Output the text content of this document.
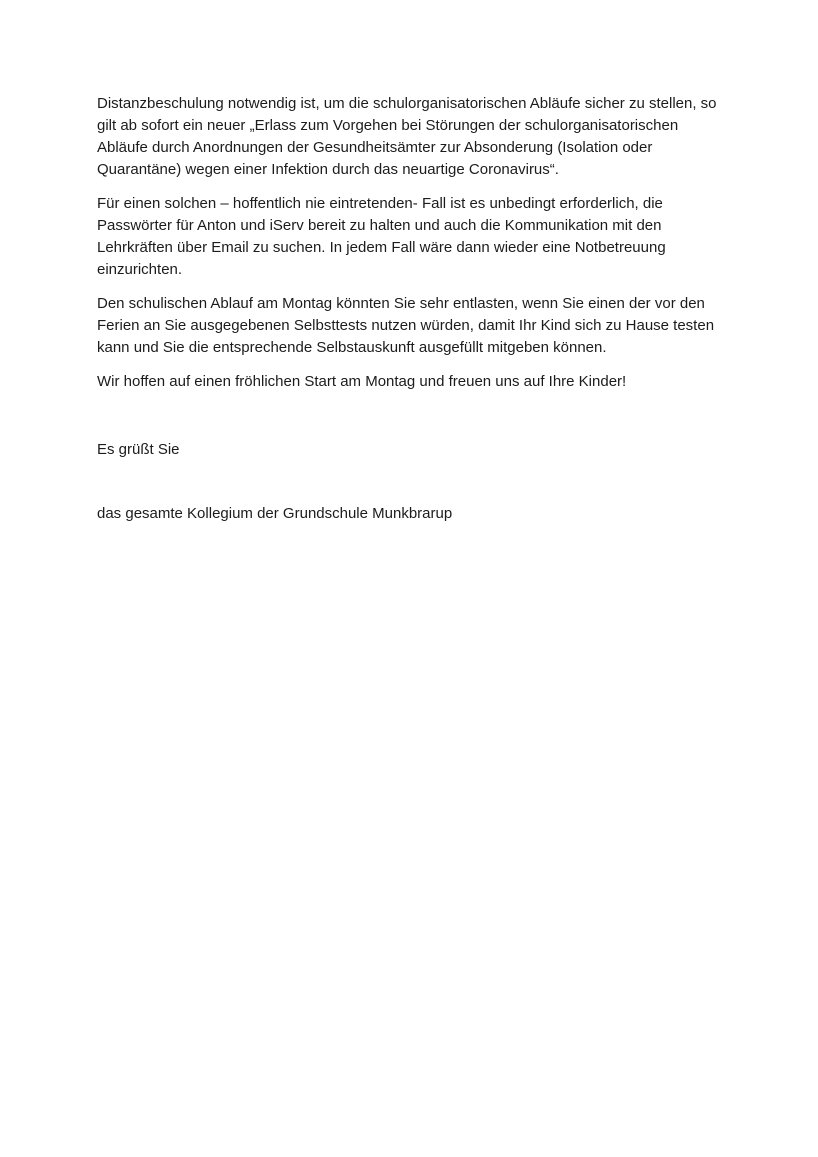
Distanzbeschulung notwendig ist, um die schulorganisatorischen Abläufe sicher zu stellen, so gilt ab sofort ein neuer „Erlass zum Vorgehen bei Störungen der schulorganisatorischen Abläufe durch Anordnungen der Gesundheitsämter zur Absonderung (Isolation oder Quarantäne) wegen einer Infektion durch das neuartige Coronavirus“.

Für einen solchen – hoffentlich nie eintretenden- Fall ist es unbedingt erforderlich, die Passwörter für Anton und iServ bereit zu halten und auch die Kommunikation mit den Lehrkräften über Email zu suchen. In jedem Fall wäre dann wieder eine Notbetreuung einzurichten.

Den schulischen Ablauf am Montag könnten Sie sehr entlasten, wenn Sie einen der vor den Ferien an Sie ausgegebenen Selbsttests nutzen würden, damit Ihr Kind sich zu Hause testen kann und Sie die entsprechende Selbstauskunft ausgefüllt mitgeben können.

Wir hoffen auf einen fröhlichen Start am Montag und freuen uns auf Ihre Kinder!

Es grüßt Sie

das gesamte Kollegium der Grundschule Munkbrarup
